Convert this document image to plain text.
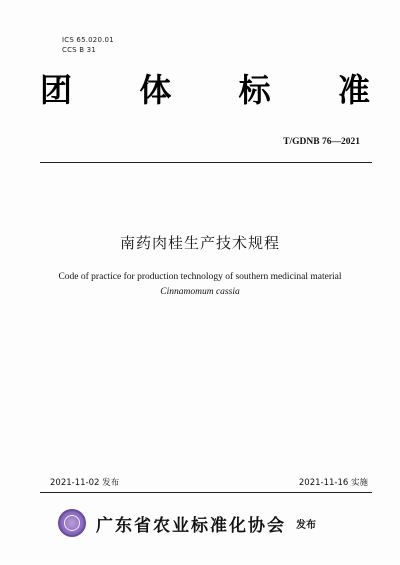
ICS 65.020.01
CCS B 31
团 体 标 准
T/GDNB 76—2021
南药肉桂生产技术规程
Code of practice for production technology of southern medicinal material
Cinnamomum cassia
2021-11-02 发布	2021-11-16 实施
广东省农业标准化协会 发布
